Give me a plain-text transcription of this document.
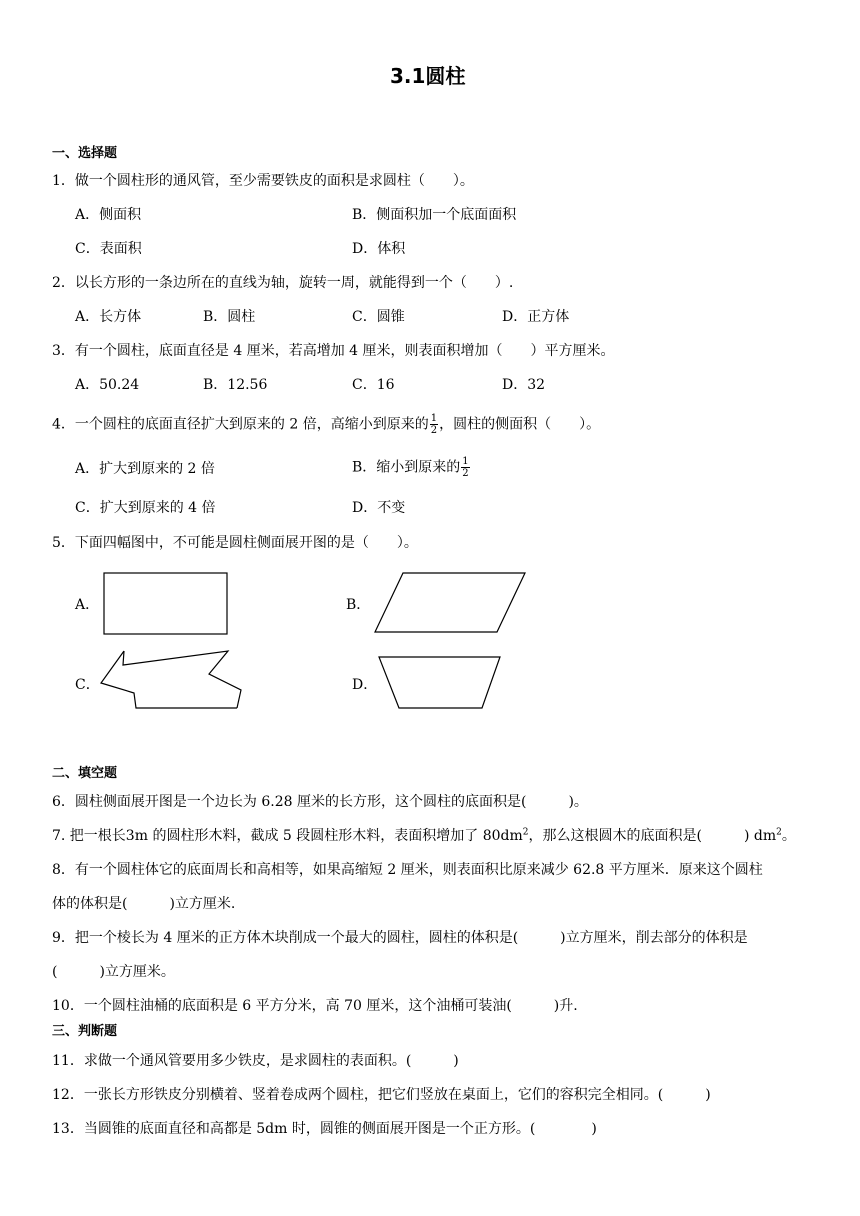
3.1圆柱
一、选择题
1．做一个圆柱形的通风管，至少需要铁皮的面积是求圆柱（　　）。
A．侧面积	B．侧面积加一个底面面积
C．表面积	D．体积
2．以长方形的一条边所在的直线为轴，旋转一周，就能得到一个（　　）.
A．长方体	B．圆柱	C．圆锥	D．正方体
3．有一个圆柱，底面直径是 4 厘米，若高增加 4 厘米，则表面积增加（　　）平方厘米。
A．50.24	B．12.56	C．16	D．32
4．一个圆柱的底面直径扩大到原来的 2 倍，高缩小到原来的 $\frac{1}{2}$ ，圆柱的侧面积（　　）。
A．扩大到原来的 2 倍	B．缩小到原来的 $\frac{1}{2}$
C．扩大到原来的 4 倍	D．不变
5．下面四幅图中，不可能是圆柱侧面展开图的是（　　）。
A．	B．
C．	D．
二、填空题
6．圆柱侧面展开图是一个边长为 6.28 厘米的长方形，这个圆柱的底面积是(　　　)。
7. 把一根长3m 的圆柱形木料，截成 5 段圆柱形木料，表面积增加了 $80dm^2$，那么这根圆木的底面积是(　　　) $dm^2$。
8．有一个圆柱体它的底面周长和高相等，如果高缩短 2 厘米，则表面积比原来减少 62.8 平方厘米．原来这个圆柱
体的体积是(　　　)立方厘米.
9．把一个棱长为 4 厘米的正方体木块削成一个最大的圆柱，圆柱的体积是(　　　)立方厘米，削去部分的体积是
(　　　)立方厘米。
10．一个圆柱油桶的底面积是 6 平方分米，高 70 厘米，这个油桶可装油(　　　)升.
三、判断题
11．求做一个通风管要用多少铁皮，是求圆柱的表面积。(　　　)
12．一张长方形铁皮分别横着、竖着卷成两个圆柱，把它们竖放在桌面上，它们的容积完全相同。(　　　)
13．当圆锥的底面直径和高都是 5dm 时，圆锥的侧面展开图是一个正方形。(　　　　)
